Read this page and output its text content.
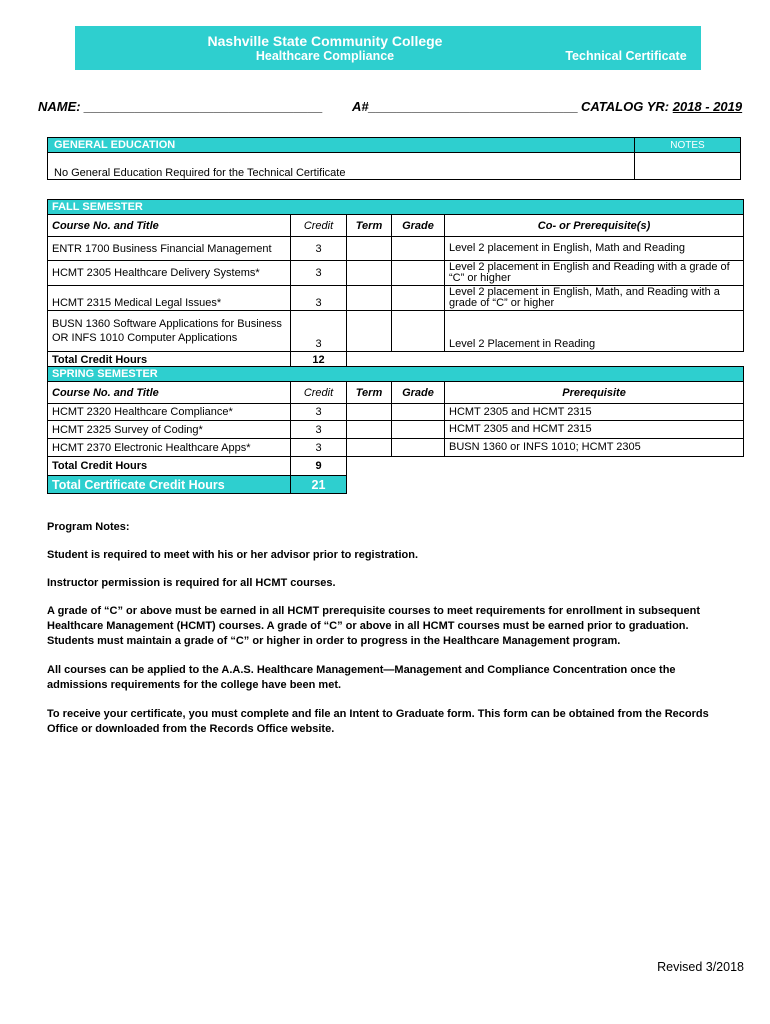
Nashville State Community College
Healthcare Compliance	Technical Certificate
NAME: _________________________________ A#_____________________________ CATALOG YR: 2018 - 2019
GENERAL EDUCATION	NOTES
No General Education Required for the Technical Certificate	
FALL SEMESTER				
Course No. and Title	Credit	Term	Grade	Co- or Prerequisite(s)
ENTR 1700 Business Financial Management	3			Level 2 placement in English, Math and Reading
HCMT 2305 Healthcare Delivery Systems*	3			Level 2 placement in English and Reading with a grade of “C” or higher
HCMT 2315 Medical Legal Issues*	3			Level 2 placement in English, Math, and Reading with a grade of “C” or higher
BUSN 1360 Software Applications for Business OR INFS 1010 Computer Applications	3			Level 2 Placement in Reading
Total Credit Hours	12			
SPRING SEMESTER				
Course No. and Title	Credit	Term	Grade	Prerequisite
HCMT 2320 Healthcare Compliance*	3			HCMT 2305 and HCMT 2315
HCMT 2325 Survey of Coding*	3			HCMT 2305 and HCMT 2315
HCMT 2370 Electronic Healthcare Apps*	3			BUSN 1360 or INFS 1010; HCMT 2305
Total Credit Hours	9			
Total Certificate Credit Hours	21			
Program Notes:
Student is required to meet with his or her advisor prior to registration.
Instructor permission is required for all HCMT courses.
A grade of “C” or above must be earned in all HCMT prerequisite courses to meet requirements for enrollment in subsequent Healthcare Management (HCMT) courses. A grade of “C” or above in all HCMT courses must be earned prior to graduation. Students must maintain a grade of “C” or higher in order to progress in the Healthcare Management program.
All courses can be applied to the A.A.S. Healthcare Management—Management and Compliance Concentration once the admissions requirements for the college have been met.
To receive your certificate, you must complete and file an Intent to Graduate form. This form can be obtained from the Records Office or downloaded from the Records Office website.
Revised 3/2018
